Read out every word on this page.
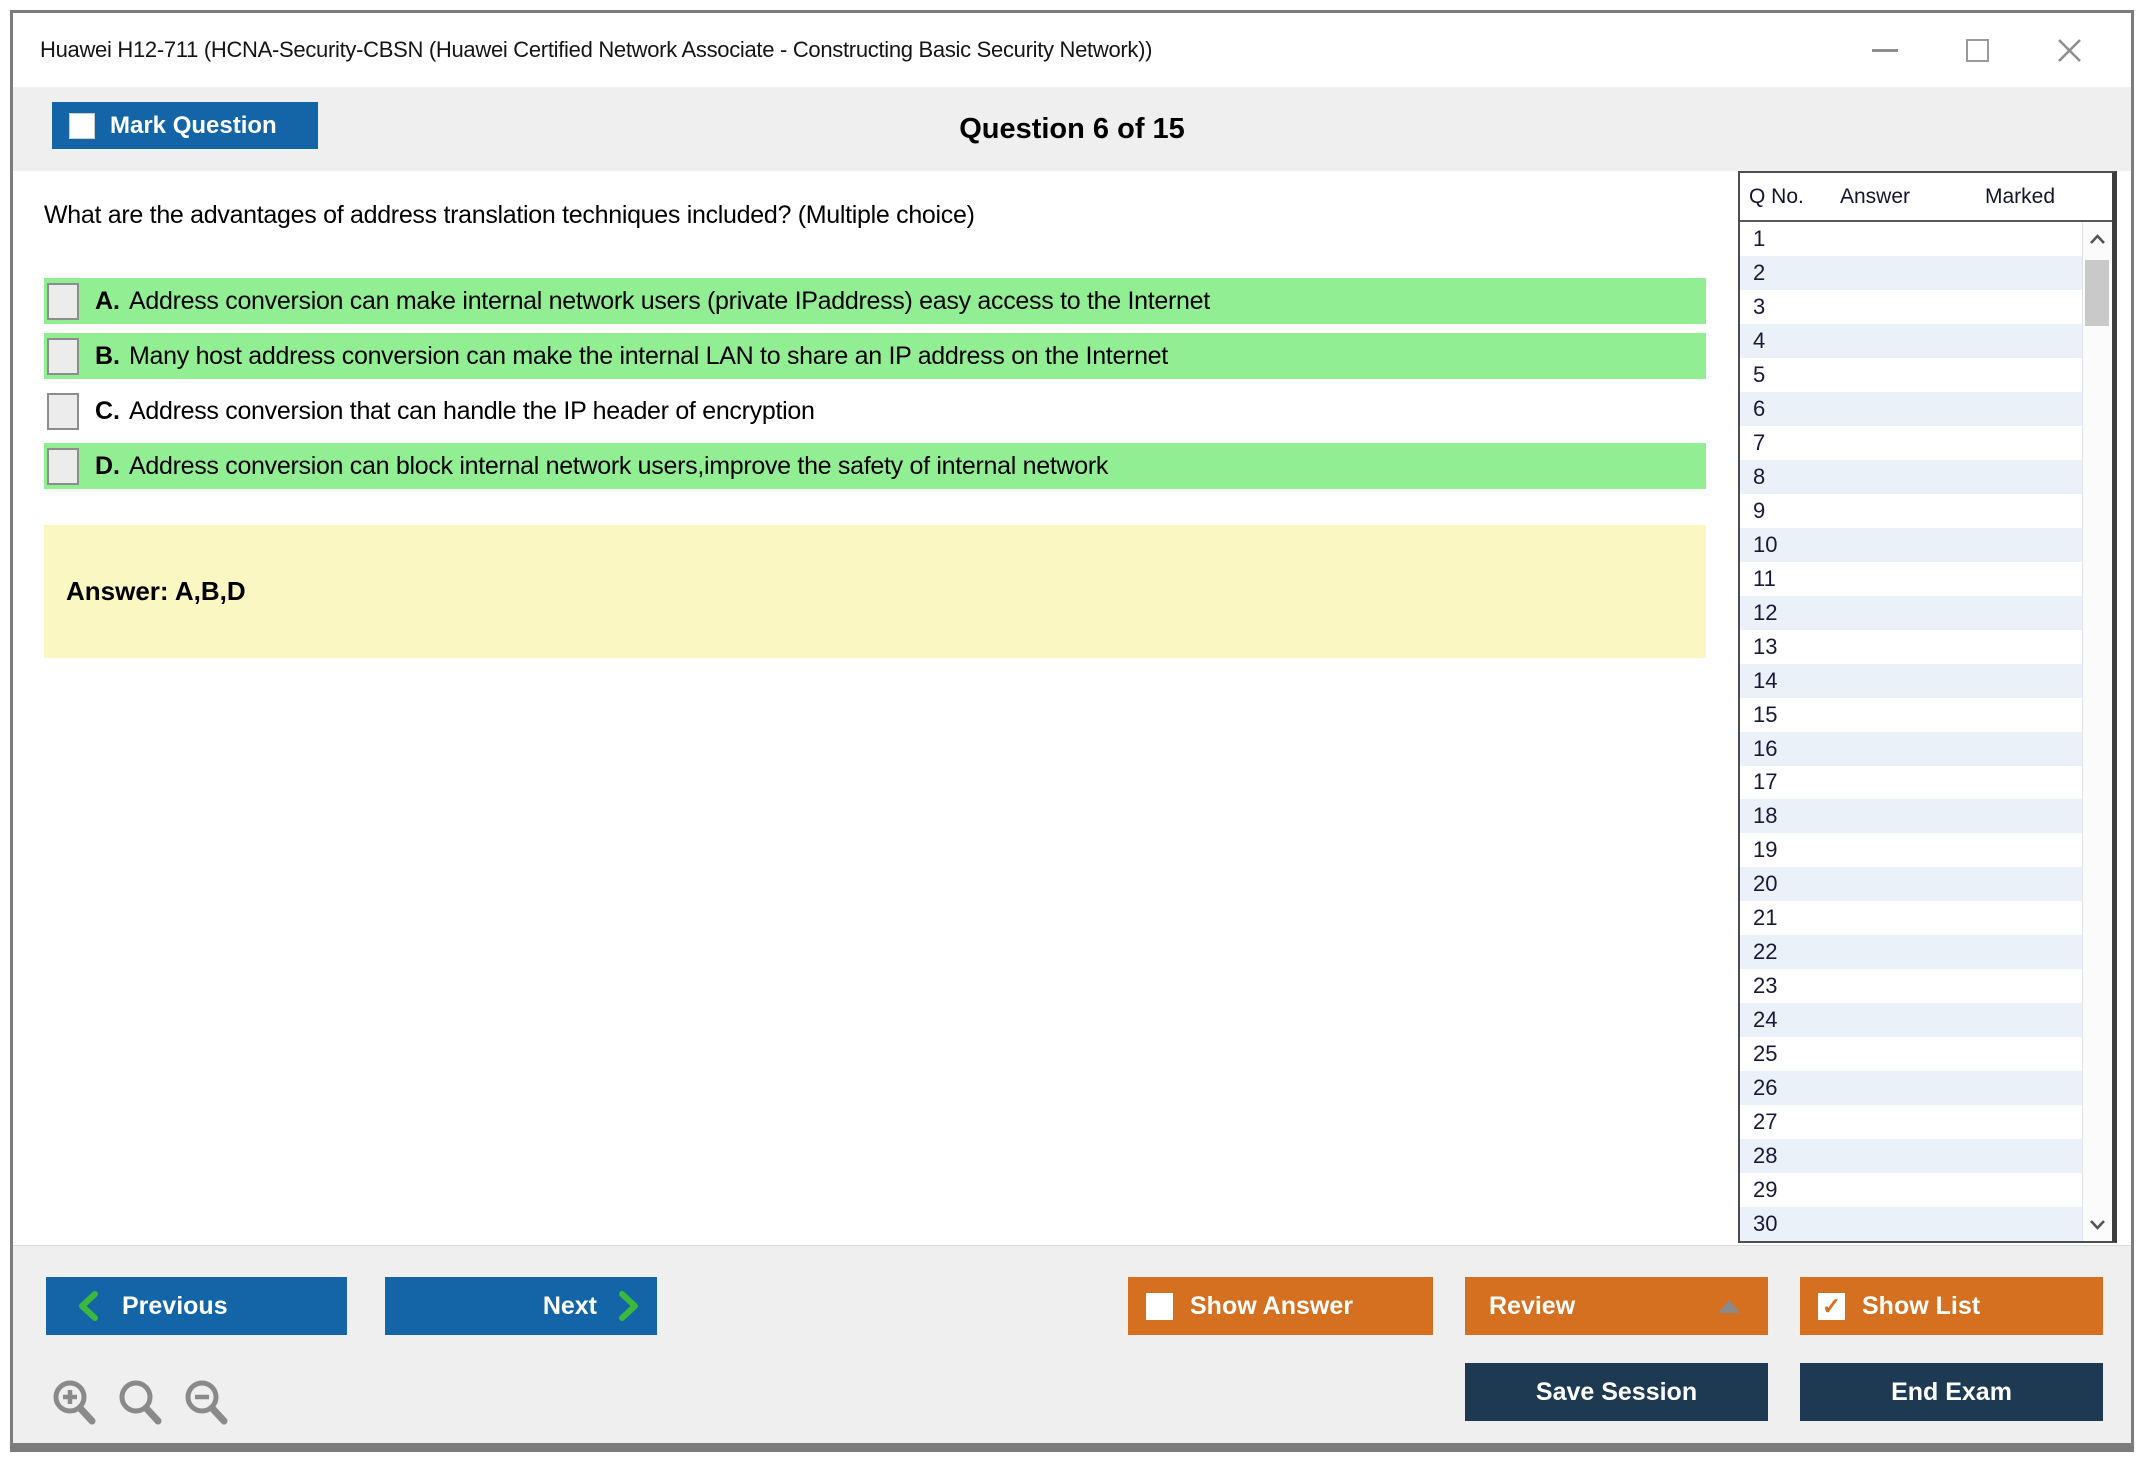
Huawei H12-711 (HCNA-Security-CBSN (Huawei Certified Network Associate - Constructing Basic Security Network))
Mark Question	Question 6 of 15
What are the advantages of address translation techniques included? (Multiple choice)
A. Address conversion can make internal network users (private IPaddress) easy access to the Internet
B. Many host address conversion can make the internal LAN to share an IP address on the Internet
C. Address conversion that can handle the IP header of encryption
D. Address conversion can block internal network users,improve the safety of internal network
Answer: A,B,D
Q No.	Answer	Marked
1
2
3
4
5
6
7
8
9
10
11
12
13
14
15
16
17
18
19
20
21
22
23
24
25
26
27
28
29
30
Previous	Next	Show Answer	Review	✓ Show List
Save Session	End Exam
